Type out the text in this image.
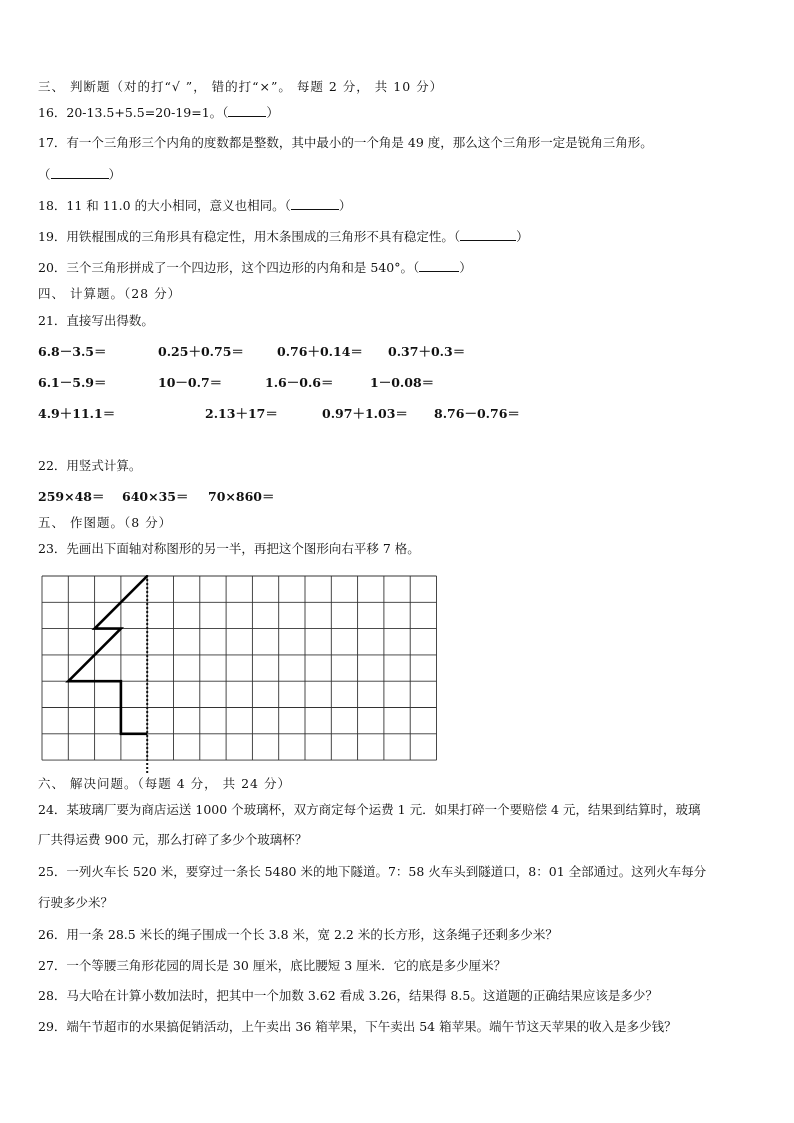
三、 判断题（对的打“√ ”， 错的打“×”。 每题 2 分， 共 10 分）
16．20-13.5+5.5=20-19=1。（	）
17．有一个三角形三个内角的度数都是整数，其中最小的一个角是 49 度，那么这个三角形一定是锐角三角形。
（	）
18．11 和 11.0 的大小相同，意义也相同。（	）
19．用铁棍围成的三角形具有稳定性，用木条围成的三角形不具有稳定性。（	）
20．三个三角形拼成了一个四边形，这个四边形的内角和是 540°。（	）
四、 计算题。（28 分）
21．直接写出得数。
6.8－3.5＝	0.25＋0.75＝	0.76＋0.14＝ 0.37＋0.3＝
6.1－5.9＝	10－0.7＝	1.6－0.6＝	1－0.08＝
4.9＋11.1＝	2.13＋17＝	0.97＋1.03＝ 8.76－0.76＝
22．用竖式计算。
259×48＝ 640×35＝ 70×860＝
五、 作图题。（8 分）
23．先画出下面轴对称图形的另一半，再把这个图形向右平移 7 格。
六、 解决问题。（每题 4 分， 共 24 分）
24．某玻璃厂要为商店运送 1000 个玻璃杯，双方商定每个运费 1 元．如果打碎一个要赔偿 4 元，结果到结算时，玻璃
厂共得运费 900 元，那么打碎了多少个玻璃杯？
25．一列火车长 520 米，要穿过一条长 5480 米的地下隧道。7：58 火车头到隧道口，8：01 全部通过。这列火车每分
行驶多少米？
26．用一条 28.5 米长的绳子围成一个长 3.8 米，宽 2.2 米的长方形，这条绳子还剩多少米？
27．一个等腰三角形花园的周长是 30 厘米，底比腰短 3 厘米．它的底是多少厘米？
28．马大哈在计算小数加法时，把其中一个加数 3.62 看成 3.26，结果得 8.5。这道题的正确结果应该是多少？
29．端午节超市的水果搞促销活动，上午卖出 36 箱苹果，下午卖出 54 箱苹果。端午节这天苹果的收入是多少钱？
